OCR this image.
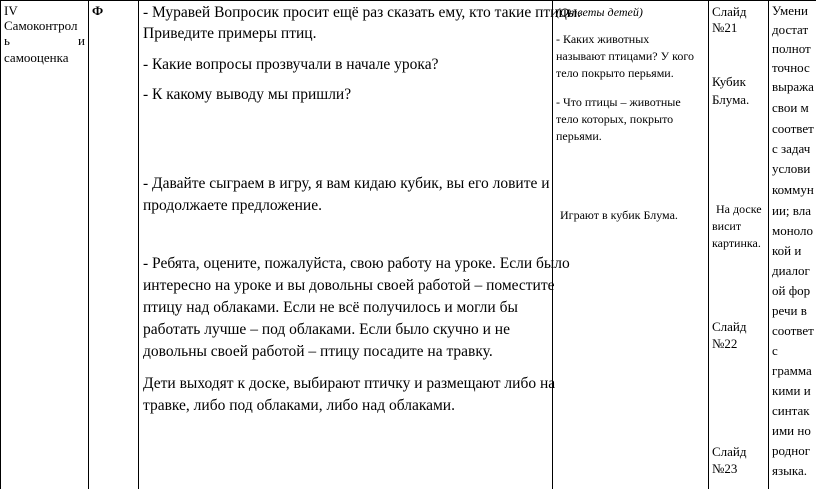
IV
Самоконтрол
ь	и
самооценка
Ф	- Муравей Вопросик просит ещё раз сказать ему, кто такие птицы.
Приведите примеры птиц.
- Какие вопросы прозвучали в начале урока?
- К какому выводу мы пришли?
- Давайте сыграем в игру, я вам кидаю кубик, вы его ловите и
продолжаете предложение.
- Ребята, оцените, пожалуйста, свою работу на уроке. Если было
интересно на уроке и вы довольны своей работой – поместите
птицу над облаками. Если не всё получилось и могли бы
работать лучше – под облаками. Если было скучно и не
довольны своей работой – птицу посадите на травку.
Дети выходят к доске, выбирают птичку и размещают либо на
травке, либо под облаками, либо над облаками.
(Ответы детей)
- Каких животных
называют птицами? У кого
тело покрыто перьями.
- Что птицы – животные
тело которых, покрыто
перьями.
Играют в кубик Блума.
Слайд
№21
Кубик
Блума.
На доске
висит
картинка.
Слайд
№22
Слайд
№23
Умени
достат
полнот
точнос
выража
свои м
соответ
с задач
услови
коммун
ии; вла
моноло
кой и
диалог
ой фор
речи в
соответ
с
грамма
кими и
синтак
ими но
родног
языка.
